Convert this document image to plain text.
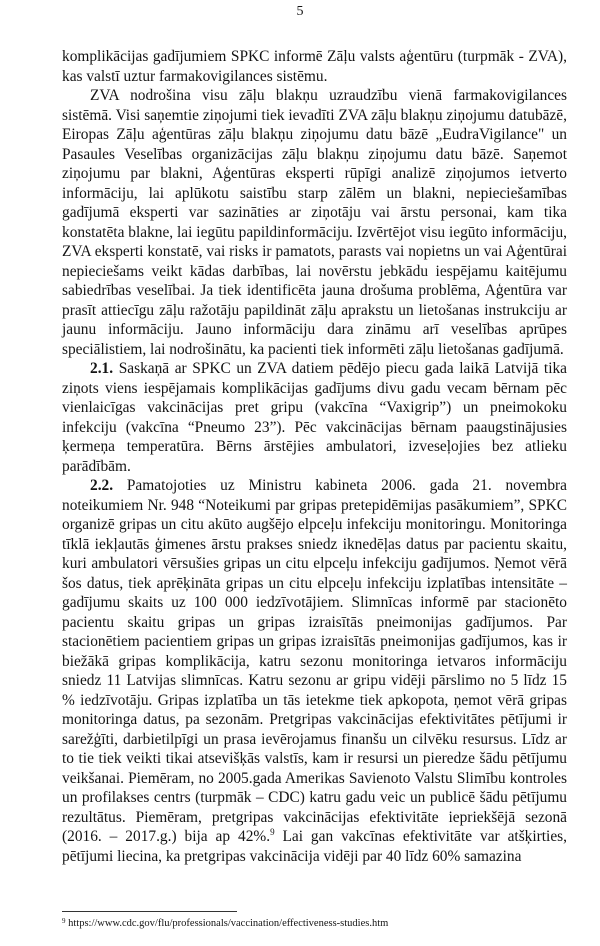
5

komplikācijas gadījumiem SPKC informē Zāļu valsts aģentūru (turpmāk - ZVA), kas valstī uztur farmakovigilances sistēmu.

ZVA nodrošina visu zāļu blakņu uzraudzību vienā farmakovigilances sistēmā. Visi saņemtie ziņojumi tiek ievadīti ZVA zāļu blakņu ziņojumu datubāzē, Eiropas Zāļu aģentūras zāļu blakņu ziņojumu datu bāzē „EudraVigilance" un Pasaules Veselības organizācijas zāļu blakņu ziņojumu datu bāzē. Saņemot ziņojumu par blakni, Aģentūras eksperti rūpīgi analizē ziņojumos ietverto informāciju, lai aplūkotu saistību starp zālēm un blakni, nepieciešamības gadījumā eksperti var sazināties ar ziņotāju vai ārstu personai, kam tika konstatēta blakne, lai iegūtu papildinformāciju. Izvērtējot visu iegūto informāciju, ZVA eksperti konstatē, vai risks ir pamatots, parasts vai nopietns un vai Aģentūrai nepieciešams veikt kādas darbības, lai novērstu jebkādu iespējamu kaitējumu sabiedrības veselībai. Ja tiek identificēta jauna drošuma problēma, Aģentūra var prasīt attiecīgu zāļu ražotāju papildināt zāļu aprakstu un lietošanas instrukciju ar jaunu informāciju. Jauno informāciju dara zināmu arī veselības aprūpes speciālistiem, lai nodrošinātu, ka pacienti tiek informēti zāļu lietošanas gadījumā.

2.1. Saskaņā ar SPKC un ZVA datiem pēdējo piecu gada laikā Latvijā tika ziņots viens iespējamais komplikācijas gadījums divu gadu vecam bērnam pēc vienlaicīgas vakcinācijas pret gripu (vakcīna “Vaxigrip”) un pneimokoku infekciju (vakcīna “Pneumo 23”). Pēc vakcinācijas bērnam paaugstinājusies ķermeņa temperatūra. Bērns ārstējies ambulatori, izveseļojies bez atlieku parādībām.

2.2. Pamatojoties uz Ministru kabineta 2006. gada 21. novembra noteikumiem Nr. 948 “Noteikumi par gripas pretepidēmijas pasākumiem”, SPKC organizē gripas un citu akūto augšējo elpceļu infekciju monitoringu. Monitoringa tīklā iekļautās ģimenes ārstu prakses sniedz iknedēļas datus par pacientu skaitu, kuri ambulatori vērsušies gripas un citu elpceļu infekciju gadījumos. Ņemot vērā šos datus, tiek aprēķināta gripas un citu elpceļu infekciju izplatības intensitāte – gadījumu skaits uz 100 000 iedzīvotājiem. Slimnīcas informē par stacionēto pacientu skaitu gripas un gripas izraisītās pneimonijas gadījumos. Par stacionētiem pacientiem gripas un gripas izraisītās pneimonijas gadījumos, kas ir biežākā gripas komplikācija, katru sezonu monitoringa ietvaros informāciju sniedz 11 Latvijas slimnīcas. Katru sezonu ar gripu vidēji pārslimo no 5 līdz 15 % iedzīvotāju. Gripas izplatība un tās ietekme tiek apkopota, ņemot vērā gripas monitoringa datus, pa sezonām. Pretgripas vakcinācijas efektivitātes pētījumi ir sarežģīti, darbietilpīgi un prasa ievērojamus finanšu un cilvēku resursus. Līdz ar to tie tiek veikti tikai atsevišķās valstīs, kam ir resursi un pieredze šādu pētījumu veikšanai. Piemēram, no 2005.gada Amerikas Savienoto Valstu Slimību kontroles un profilakses centrs (turpmāk – CDC) katru gadu veic un publicē šādu pētījumu rezultātus. Piemēram, pretgripas vakcinācijas efektivitāte iepriekšējā sezonā (2016. – 2017.g.) bija ap 42%.$^9$ Lai gan vakcīnas efektivitāte var atšķirties, pētījumi liecina, ka pretgripas vakcinācija vidēji par 40 līdz 60% samazina

$^9$ https://www.cdc.gov/flu/professionals/vaccination/effectiveness-studies.htm
